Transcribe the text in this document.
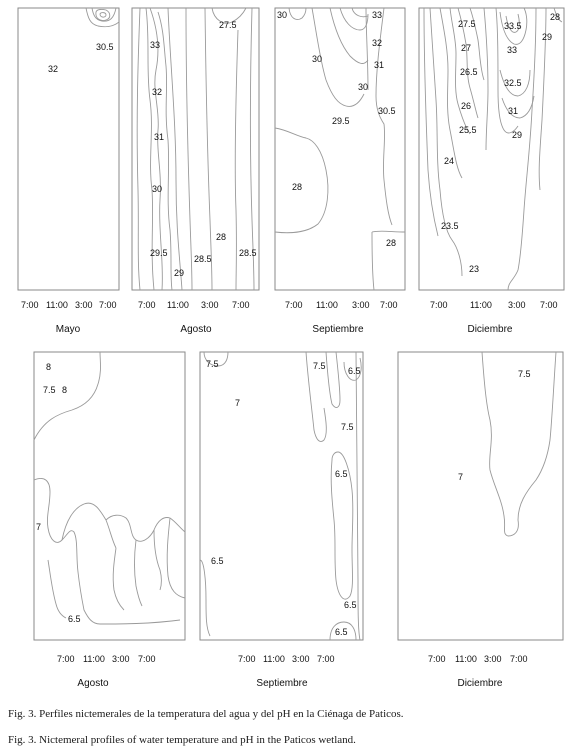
32
30.5
7:00 11:00 3:00 7:00
Mayo
33
27.5
32
31
30
29.5
29
28.5
28
28.5
7:00 11:00 3:00 7:00
Agosto
30	33
32
30
31
30
29.5
30.5
28
28
7:00 11:00 3:00 7:00
Septiembre
27.5	33.5
28
29
27	33
26.5
32.5
26	31
25.5	29
24
23.5
23
7:00 11:00 3:00 7:00
Diciembre
8
7.5 8
7
6.5
7:00 11:00 3:00 7:00
Agosto
7.5	7.5 6.5
7
7.5
6.5
6.5
6.5
6.5
7:00 11:00 3:00 7:00
Septiembre
7.5
7
7:00 11:00 3:00 7:00
Diciembre
Fig. 3. Perfiles nictemerales de la temperatura del agua y del pH en la Ciénaga de Paticos.
Fig. 3. Nictemeral profiles of water temperature and pH in the Paticos wetland.
